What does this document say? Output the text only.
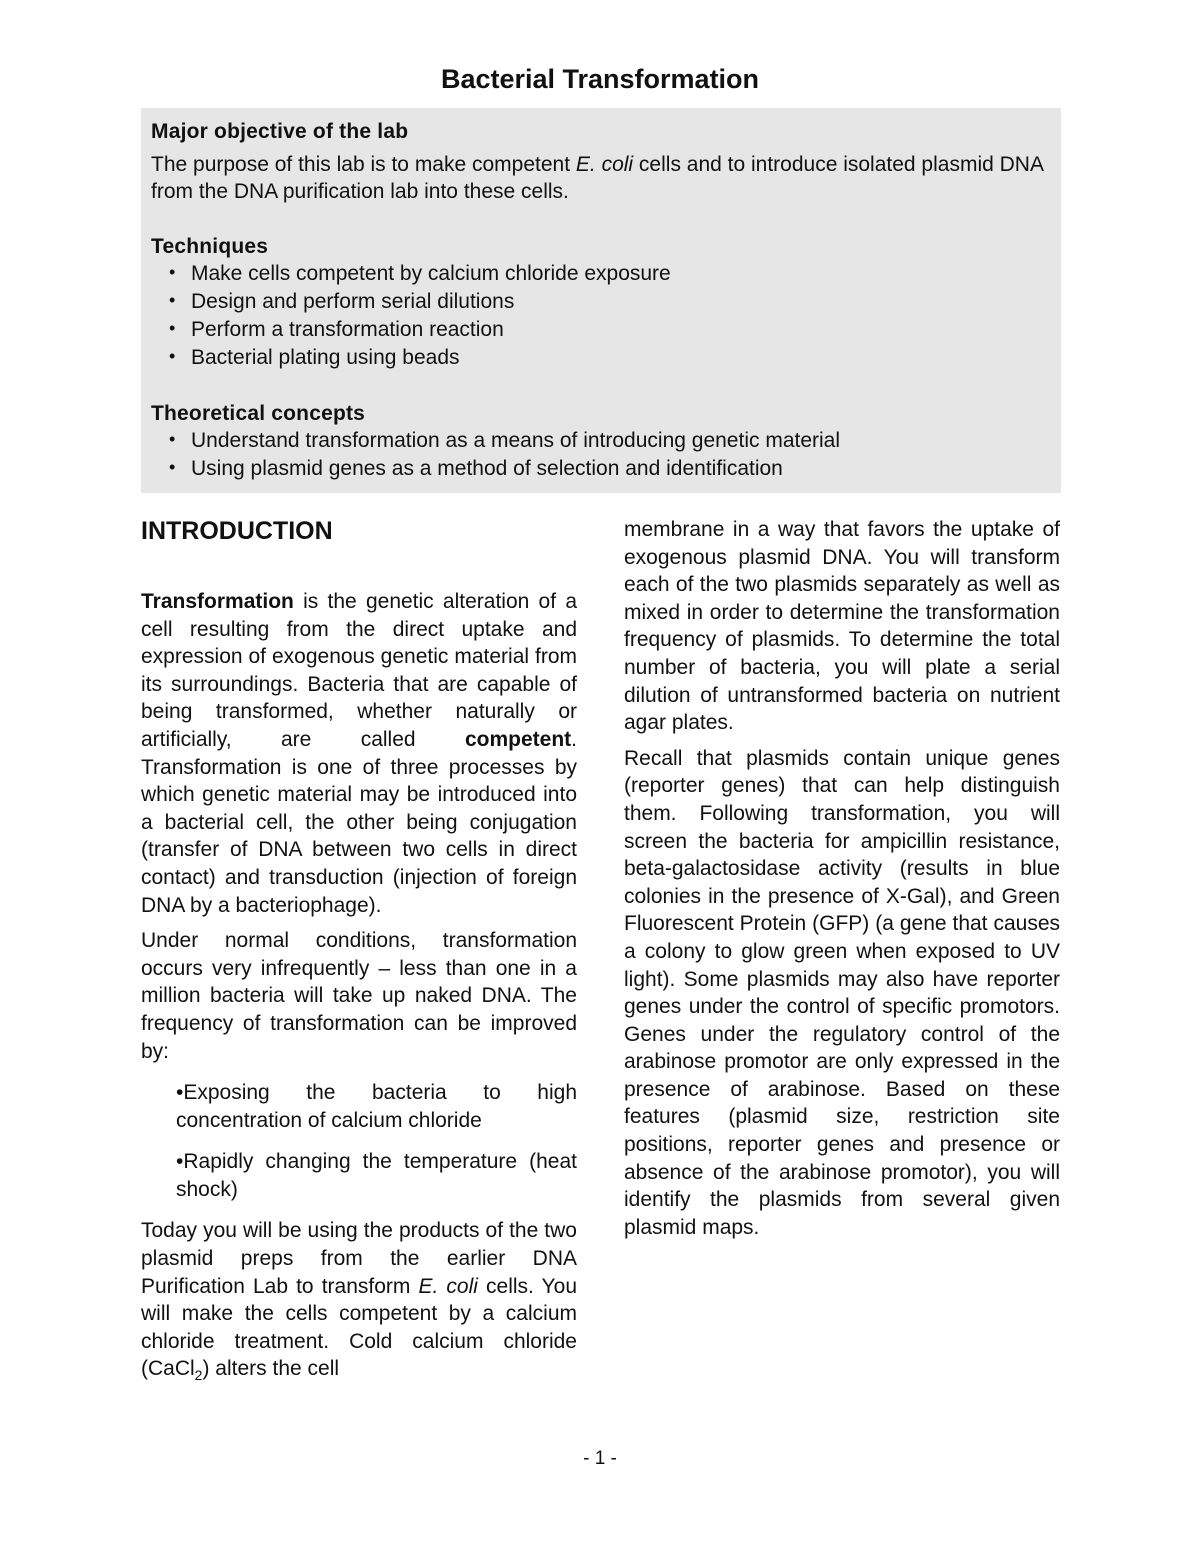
Bacterial Transformation
Major objective of the lab

The purpose of this lab is to make competent E. coli cells and to introduce isolated plasmid DNA from the DNA purification lab into these cells.

Techniques
• Make cells competent by calcium chloride exposure
• Design and perform serial dilutions
• Perform a transformation reaction
• Bacterial plating using beads
Theoretical concepts
• Understand transformation as a means of introducing genetic material
• Using plasmid genes as a method of selection and identification
INTRODUCTION

Transformation is the genetic alteration of a cell resulting from the direct uptake and expression of exogenous genetic material from its surroundings. Bacteria that are capable of being transformed, whether naturally or artificially, are called competent. Transformation is one of three processes by which genetic material may be introduced into a bacterial cell, the other being conjugation (transfer of DNA between two cells in direct contact) and transduction (injection of foreign DNA by a bacteriophage).

Under normal conditions, transformation occurs very infrequently – less than one in a million bacteria will take up naked DNA. The frequency of transformation can be improved by:

•Exposing the bacteria to high concentration of calcium chloride

•Rapidly changing the temperature (heat shock)

Today you will be using the products of the two plasmid preps from the earlier DNA Purification Lab to transform E. coli cells. You will make the cells competent by a calcium chloride treatment. Cold calcium chloride (CaCl$_2$) alters the cell

membrane in a way that favors the uptake of exogenous plasmid DNA. You will transform each of the two plasmids separately as well as mixed in order to determine the transformation frequency of plasmids. To determine the total number of bacteria, you will plate a serial dilution of untransformed bacteria on nutrient agar plates.

Recall that plasmids contain unique genes (reporter genes) that can help distinguish them. Following transformation, you will screen the bacteria for ampicillin resistance, beta-galactosidase activity (results in blue colonies in the presence of X-Gal), and Green Fluorescent Protein (GFP) (a gene that causes a colony to glow green when exposed to UV light). Some plasmids may also have reporter genes under the control of specific promotors. Genes under the regulatory control of the arabinose promotor are only expressed in the presence of arabinose. Based on these features (plasmid size, restriction site positions, reporter genes and presence or absence of the arabinose promotor), you will identify the plasmids from several given plasmid maps.

- 1 -
